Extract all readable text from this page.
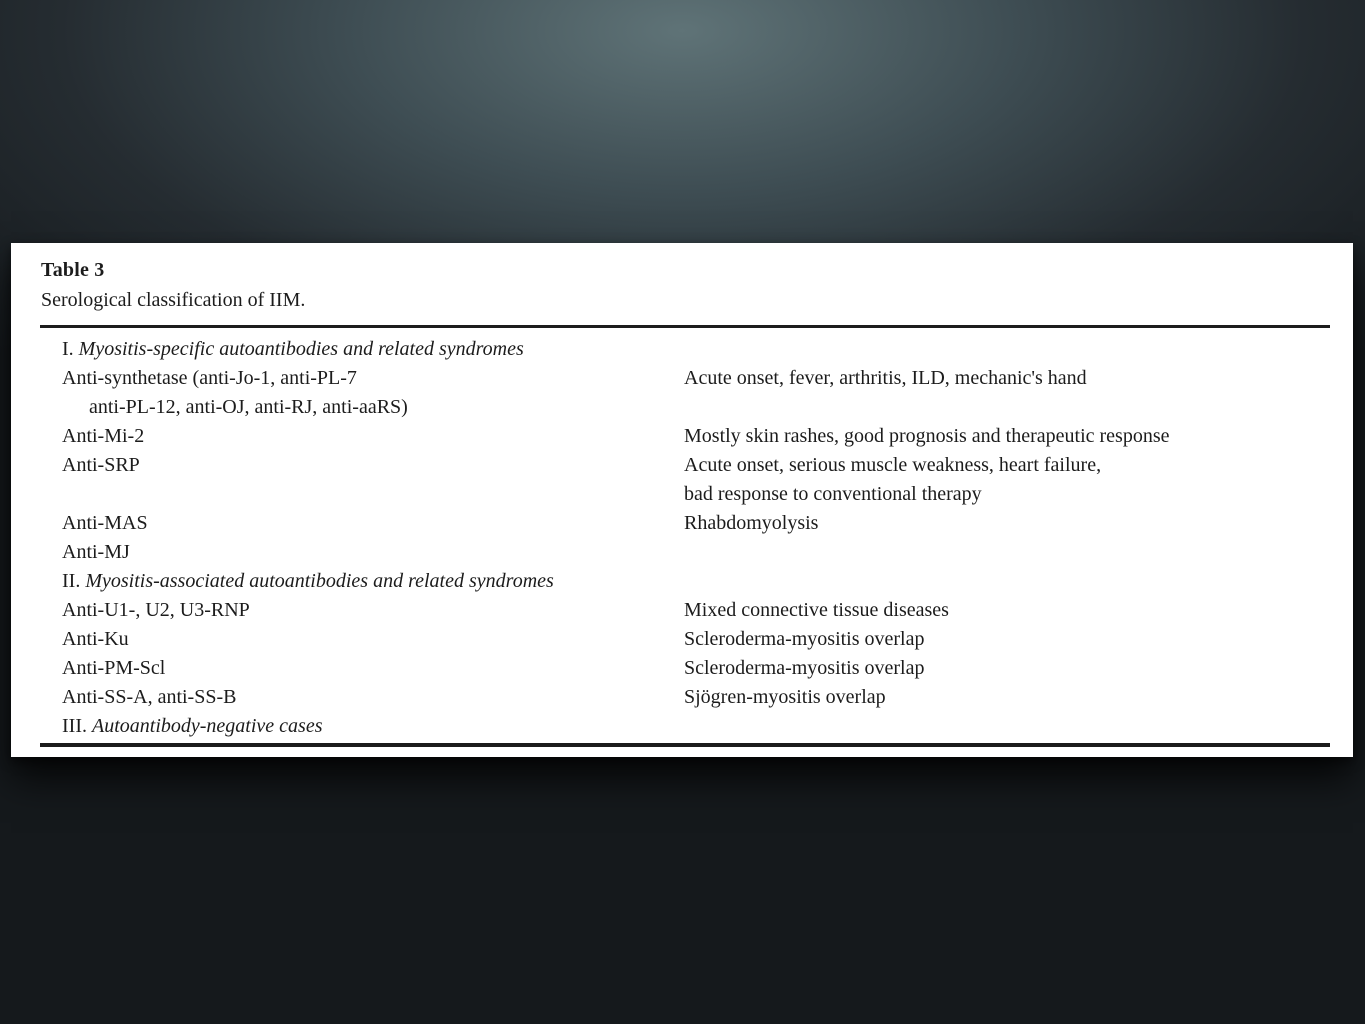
Table 3
Serological classification of IIM.
I. Myositis-specific autoantibodies and related syndromes
Anti-synthetase (anti-Jo-1, anti-PL-7	Acute onset, fever, arthritis, ILD, mechanic's hand
anti-PL-12, anti-OJ, anti-RJ, anti-aaRS)
Anti-Mi-2	Mostly skin rashes, good prognosis and therapeutic response
Anti-SRP	Acute onset, serious muscle weakness, heart failure,
bad response to conventional therapy
Anti-MAS	Rhabdomyolysis
Anti-MJ
II. Myositis-associated autoantibodies and related syndromes
Anti-U1-, U2, U3-RNP	Mixed connective tissue diseases
Anti-Ku	Scleroderma-myositis overlap
Anti-PM-Scl	Scleroderma-myositis overlap
Anti-SS-A, anti-SS-B	Sjögren-myositis overlap
III. Autoantibody-negative cases
